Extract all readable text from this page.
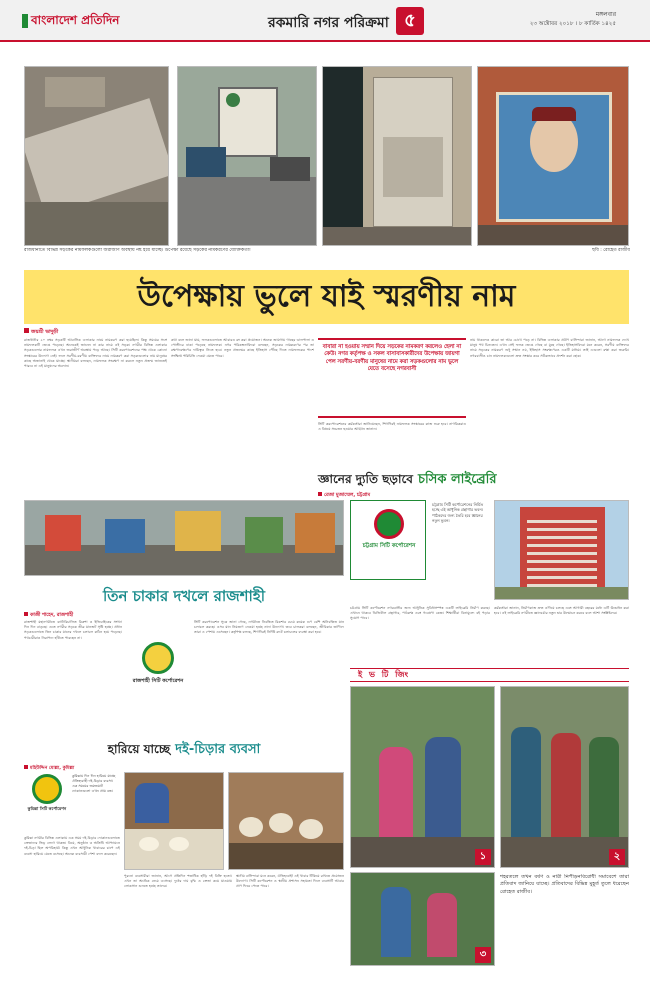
বাংলাদেশ প্রতিদিন	রকমারি নগর পরিক্রমা ৫	মঙ্গলবার
২৩ অক্টোবর ২০১৮ । ৮ কার্তিক ১৪২৫
রাজধানীতে বিভিন্ন সড়কের নামফলকগুলো জরাজীর্ণ অবস্থায় নষ্ট হয়ে যাচ্ছে। উপেক্ষা রয়েছে সড়কের নামকরণের যৌক্তিকতা!	ছবি : রোহেত রাজীব
উপেক্ষায় ভুলে যাই স্মরণীয় নাম
জয়শ্রী ভাদুড়ী
রাজধানীর ২০ নম্বর সড়কটি আবাসিক এলাকার নামে নামকরণ করা হয়েছিল। কিন্তু সময়ের সঙ্গে নামফলকটি ভেঙে পড়েছে। অনেকেই জানেন না কার নামে এই সড়ক। নগরীর বিভিন্ন এলাকার সড়কগুলোর নামফলক এখন জরাজীর্ণ অবস্থায় পড়ে আছে। সিটি করপোরেশনের পক্ষ থেকে কোনো সংস্কারের উদ্যোগ নেই। ফলে সরণীয়-বরণীয় ব্যক্তিদের নামে নামকরণ করা সড়কগুলোর নাম মানুষের কাছে অজানাই থেকে যাচ্ছে। স্থানীয়রা বলছেন, নামফলক সংরক্ষণ না করলে নতুন প্রজন্ম জানতেই পারবে না এই মানুষদের অবদান।
কথা বলে জানা যায়, ফলকগুলোতে আবারও রং করা প্রয়োজন। অনেক জায়গায় গাছের ডালপালা ও পোস্টারে ঢাকা পড়েছে নামফলক। নগর পরিকল্পনাবিদরা বলছেন, সড়কের নামকরণের পর তা রক্ষণাবেক্ষণের দায়িত্বও নিতে হবে। নতুন প্রজন্মের কাছে ইতিহাস পৌঁছে দিতে নামফলকের পাশে সংক্ষিপ্ত পরিচিতি দেওয়া যেতে পারে।
বাবারা না হওয়ায় সম্মান দিয়ে সড়কের নামকরণ করলেও হেলা না কেউ। নগর কর্তৃপক্ষ ও সকল বাসাবাসকারীদের উপেক্ষায় জায়গা পেল সরণীয়-বরণীয় মানুষের নামে করা সড়কগুলোর নাম ভুলে যেতে বসেছে নগরবাসী
সিটি করপোরেশনের কর্মকর্তারা জানিয়েছেন, শিগগিরই নামফলক সংস্কারের কাজ শুরু হবে। নাগরিকরাও এ বিষয়ে সচেতন হওয়ার আহ্বান জানান।
নাম থাকলেও কারো তা আর চোখে পড়ে না। বিভিন্ন এলাকার প্রবীণ বাসিন্দারা জানান, আগে নামফলক দেখে মানুষ পথ চিনতেন। এখন সেই ফলক ভেঙে গেছে বা মুছে গেছে। ইতিহাসবিদরা মনে করেন, সরণীয় ব্যক্তিদের নামে সড়কের নামকরণ শুধু সম্মান নয়, ইতিহাস সংরক্ষণেরও একটি মাধ্যম। তাই এগুলো রক্ষা করা জরুরি। নগরবাসীও চান নামফলকগুলো দ্রুত সংস্কার করে সঠিকভাবে প্রদর্শন করা হোক।
জ্ঞানের দ্যুতি ছড়াবে চসিক লাইব্রেরি
রেজা মুজাম্মেল, চট্টগ্রাম
চট্টগ্রাম সিটি কর্পোরেশন
চট্টগ্রাম সিটি কর্পোরেশনের নির্মিত হচ্ছে এই আধুনিক গ্রন্থাগার ভবন। পাঠকদের জন্য তৈরি হবে জ্ঞানের নতুন ভুবন।
তিন চাকার দখলে রাজশাহী
কাজী শাহেদ, রাজশাহী
রাজশাহী মহানগরীতে ব্যাটারিচালিত রিকশা ও ইজিবাইকের সংখ্যা দিন দিন বাড়ছে। এতে নগরীর সড়কে তীব্র যানজট সৃষ্টি হচ্ছে। প্রধান সড়কগুলোতে তিন চাকার যানের দখলে চলাচল কঠিন হয়ে পড়েছে। পথচারীরাও নিরাপদে হাঁটতে পারছেন না।
রাজশাহী সিটি কর্পোরেশন
সিটি করপোরেশন সূত্রে জানা গেছে, নগরীতে নিবন্ধিত রিকশার চেয়ে কয়েক গুণ বেশি অনিবন্ধিত যান চলাচল করছে। এসব যান নিয়ন্ত্রণে নেওয়া হচ্ছে নানা উদ্যোগ। তবে চালকরা বলছেন, জীবিকার তাগিদে তারা এ পেশায় এসেছেন। কর্তৃপক্ষ বলছে, শিগগিরই নির্দিষ্ট রুটে চলাচলের ব্যবস্থা করা হবে।
চট্টগ্রাম সিটি কর্পোরেশন নগরবাসীর জন্য আধুনিক সুবিধাসম্পন্ন একটি লাইব্রেরি নির্মাণ করছে। এখানে থাকবে ডিজিটাল গ্রন্থাগার, পাঠকক্ষ এবং গবেষণা কেন্দ্র। শিক্ষার্থীরা বিনামূল্যে বই পড়ার সুযোগ পাবে।
কর্মকর্তারা জানান, নির্মাণকাজ দ্রুত এগিয়ে চলছে এবং আগামী বছরের মধ্যে এটি উদ্বোধন করা হবে। এই লাইব্রেরি নগরীতে জ্ঞানচর্চার নতুন দ্বার উন্মোচন করবে বলে আশা সংশ্লিষ্টদের।
ই ভ টি জিং
১	২
৩
শহরতলে তখন বর্ষণ ও নারী নিপীড়নবিরোধী সমাবেশে তারা প্রতিবাদ জানিয়ে যাচ্ছে। প্রতিবাদের বিভিন্ন মুহূর্ত তুলে ধরেছেন রোহেত রাজীব।
হারিয়ে যাচ্ছে দই-চিড়ার ব্যবসা
মহিউদ্দিন মোল্লা, কুমিল্লা
কুমিল্লা সিটি কর্পোরেশন
কুমিল্লায় দিন দিন হারিয়ে যাচ্ছে ঐতিহ্যবাহী দই-চিড়ার ব্যবসা। এক সময়ের জমজমাট দোকানগুলো এখন প্রায় বন্ধ।
কুমিল্লা নগরীর বিভিন্ন এলাকায় এক সময় দই-চিড়ার দোকানগুলোতে ক্রেতাদের ভিড় লেগে থাকত। বিয়ে, অনুষ্ঠান ও অতিথি আপ্যায়নে দই-চিড়া ছিল অপরিহার্য। কিন্তু এখন আধুনিক খাবারের চাপে এই ব্যবসা হারিয়ে যেতে বসেছে। অনেক ব্যবসায়ী পেশা বদল করেছেন।
পুরনো ব্যবসায়ীরা জানান, আগে প্রতিদিন শতাধিক হাঁড়ি দই বিক্রি হতো। এখন তা অর্ধেকে নেমে এসেছে। দুধের দাম বৃদ্ধি ও ক্রেতা কমে যাওয়ায় লোকসান গুনতে হচ্ছে তাদের।
স্থানীয় বাসিন্দারা মনে করেন, ঐতিহ্যবাহী এই খাবার টিকিয়ে রাখতে প্রয়োজন উদ্যোগ। সিটি কর্পোরেশন ও স্থানীয় প্রশাসন সহায়তা দিলে ব্যবসাটি আবার প্রাণ ফিরে পেতে পারে।
